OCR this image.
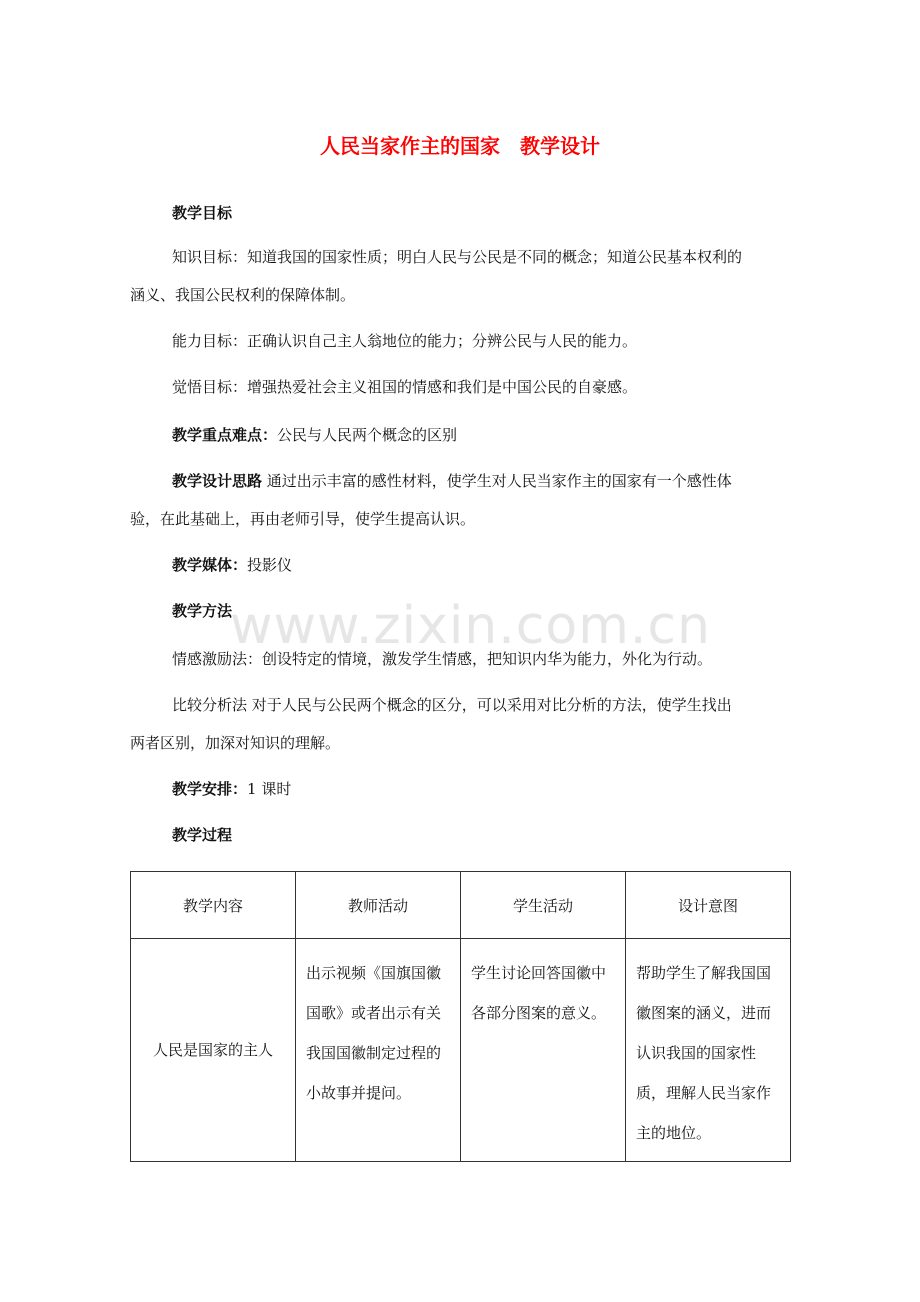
www.zixin.com.cn
人民当家作主的国家　教学设计
教学目标
知识目标：知道我国的国家性质；明白人民与公民是不同的概念；知道公民基本权利的
涵义、我国公民权利的保障体制。
能力目标：正确认识自己主人翁地位的能力；分辨公民与人民的能力。
觉悟目标：增强热爱社会主义祖国的情感和我们是中国公民的自豪感。
教学重点难点：公民与人民两个概念的区别
教学设计思路 通过出示丰富的感性材料，使学生对人民当家作主的国家有一个感性体
验，在此基础上，再由老师引导，使学生提高认识。
教学媒体：投影仪
教学方法
情感激励法：创设特定的情境，激发学生情感，把知识内华为能力，外化为行动。
比较分析法 对于人民与公民两个概念的区分，可以采用对比分析的方法，使学生找出
两者区别，加深对知识的理解。
教学安排：1 课时
教学过程
教学内容	教师活动	学生活动	设计意图
人民是国家的主人	出示视频《国旗国徽国歌》或者出示有关我国国徽制定过程的小故事并提问。	学生讨论回答国徽中各部分图案的意义。	帮助学生了解我国国徽图案的涵义，进而认识我国的国家性质，理解人民当家作主的地位。
